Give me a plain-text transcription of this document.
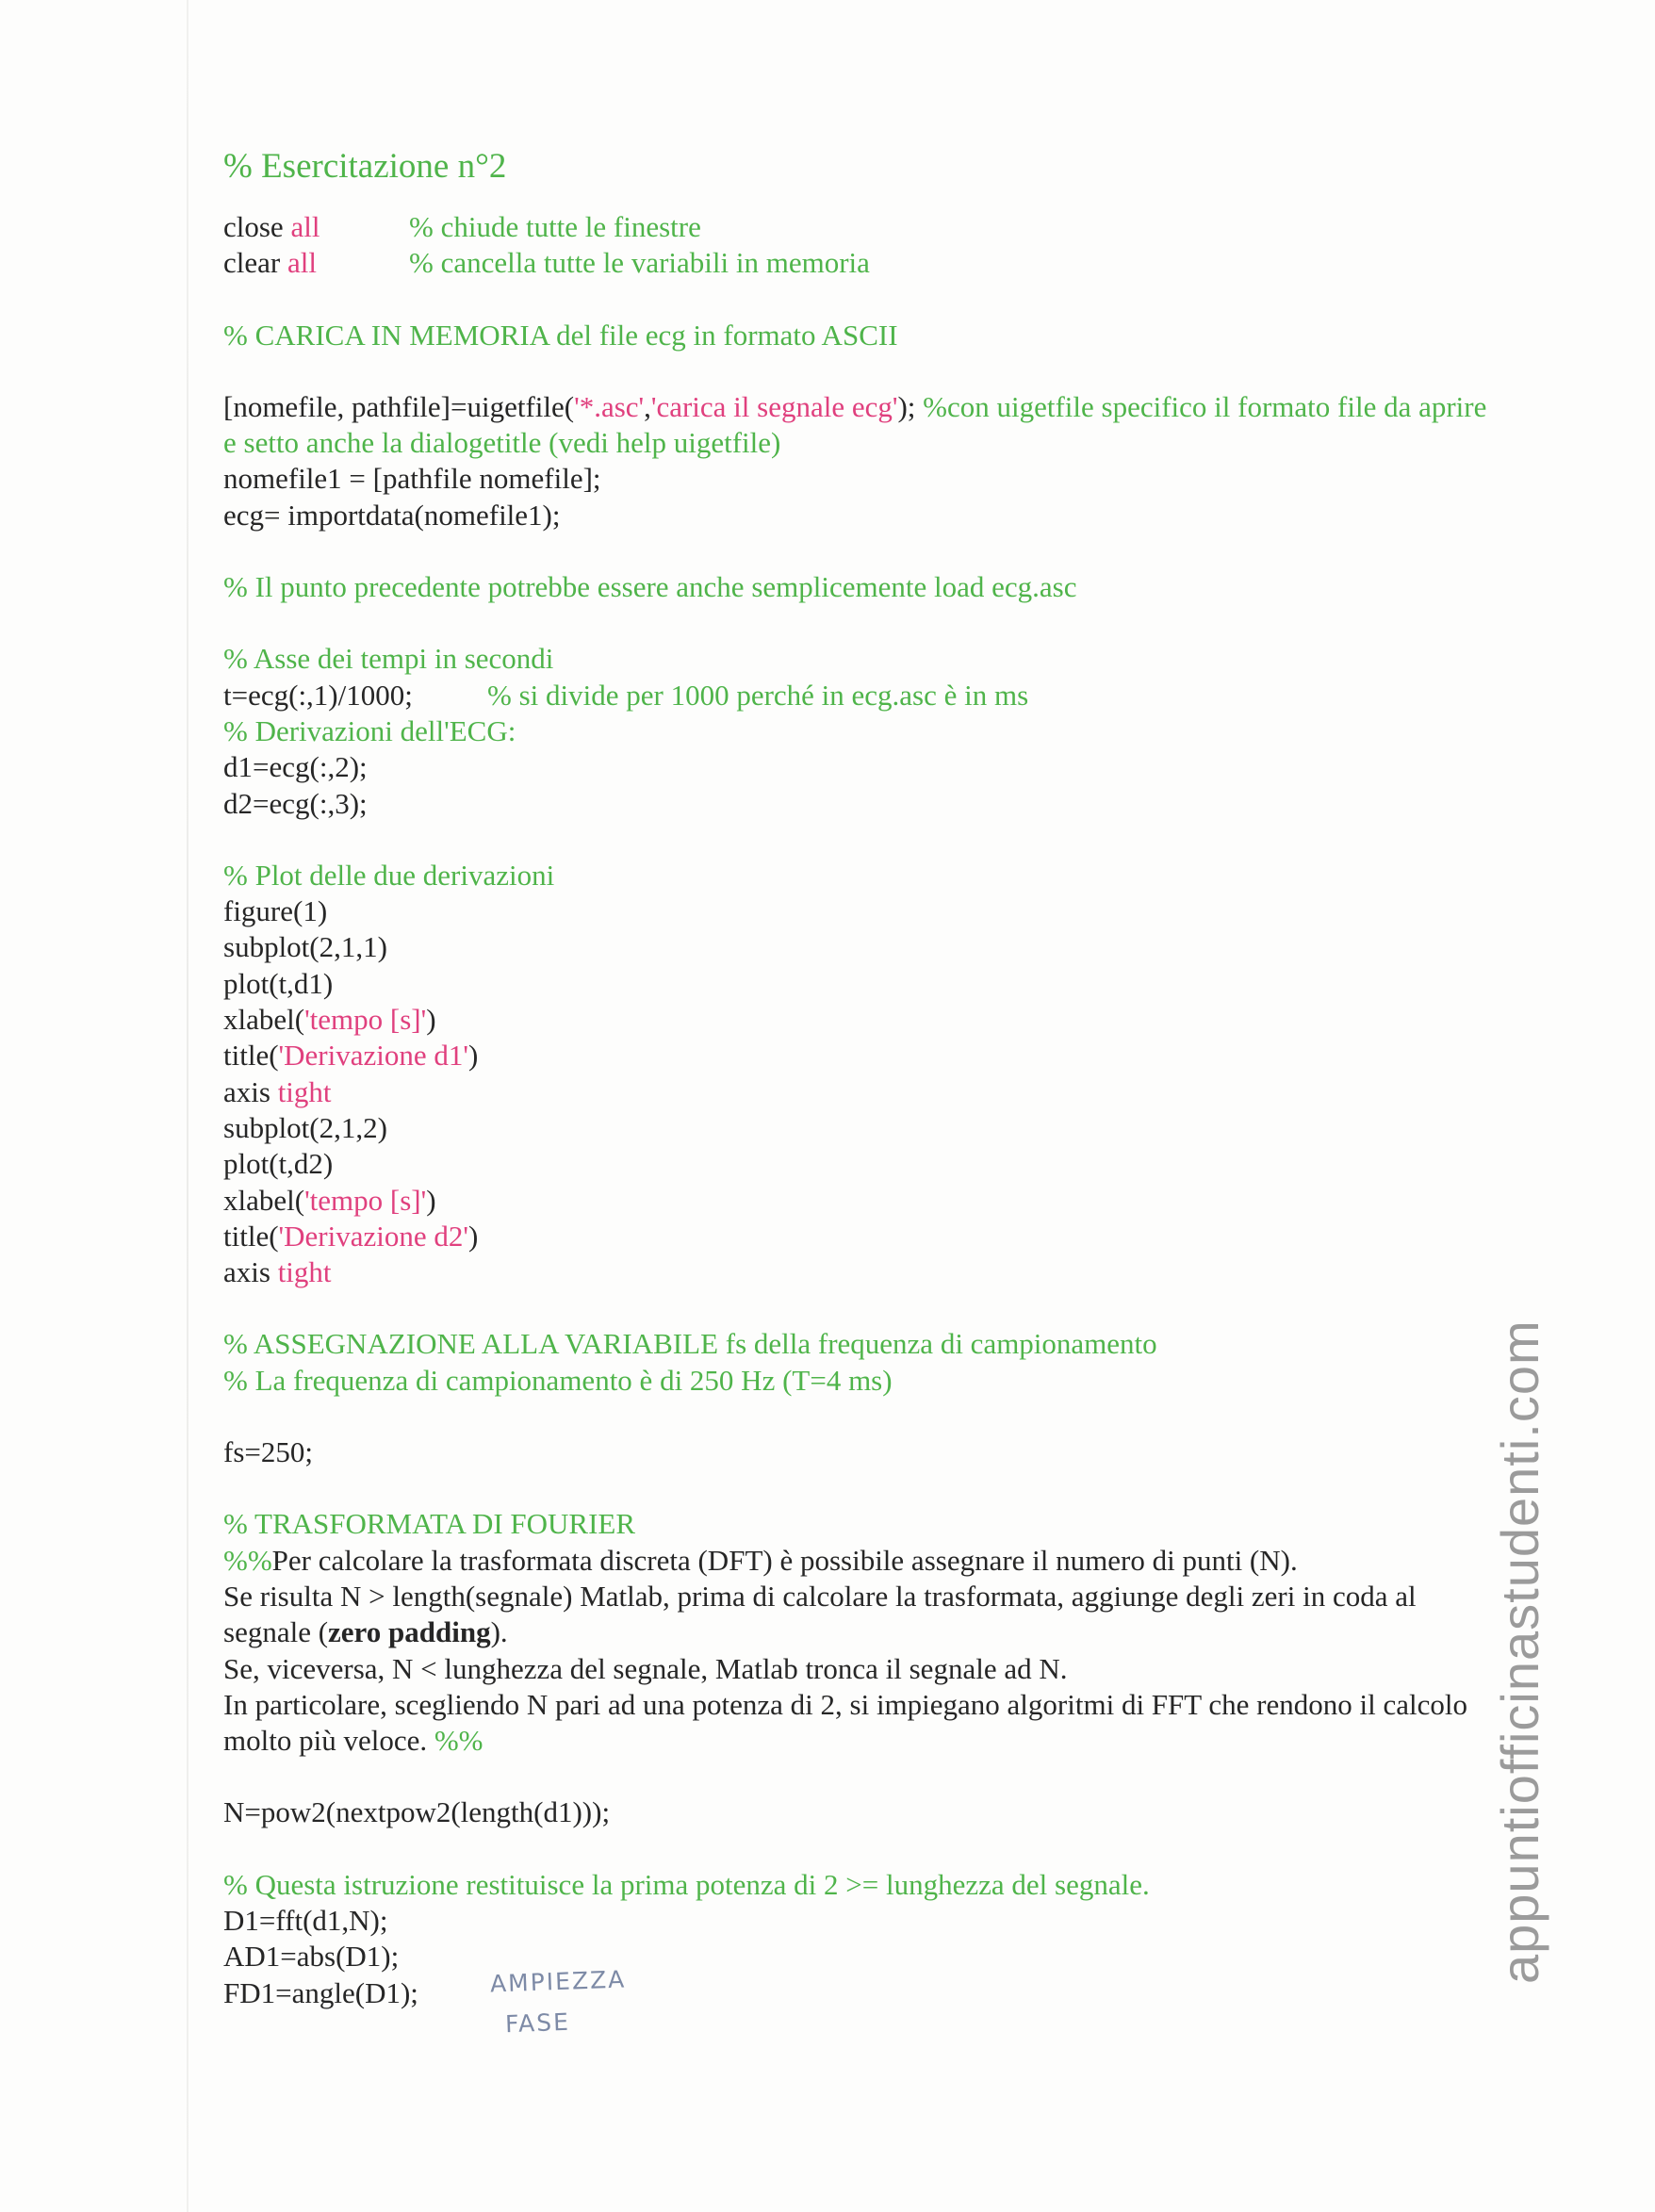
% Esercitazione n°2
close all	% chiude tutte le finestre
clear all	% cancella tutte le variabili in memoria
% CARICA IN MEMORIA del file ecg in formato ASCII
[nomefile, pathfile]=uigetfile('*.asc','carica il segnale ecg'); %con uigetfile specifico il formato file da aprire e setto anche la dialogetitle (vedi help uigetfile)
nomefile1 = [pathfile nomefile];
ecg= importdata(nomefile1);
% Il punto precedente potrebbe essere anche semplicemente load ecg.asc
% Asse dei tempi in secondi
t=ecg(:,1)/1000;	% si divide per 1000 perché in ecg.asc è in ms
% Derivazioni dell'ECG:
d1=ecg(:,2);
d2=ecg(:,3);
% Plot delle due derivazioni
figure(1)
subplot(2,1,1)
plot(t,d1)
xlabel('tempo [s]')
title('Derivazione d1')
axis tight
subplot(2,1,2)
plot(t,d2)
xlabel('tempo [s]')
title('Derivazione d2')
axis tight
% ASSEGNAZIONE ALLA VARIABILE fs della frequenza di campionamento
% La frequenza di campionamento è di 250 Hz (T=4 ms)
fs=250;
% TRASFORMATA DI FOURIER
%%Per calcolare la trasformata discreta (DFT) è possibile assegnare il numero di punti (N).
Se risulta N > length(segnale) Matlab, prima di calcolare la trasformata, aggiunge degli zeri in coda al segnale (zero padding).
Se, viceversa, N < lunghezza del segnale, Matlab tronca il segnale ad N.
In particolare, scegliendo N pari ad una potenza di 2, si impiegano algoritmi di FFT che rendono il calcolo molto più veloce. %%
N=pow2(nextpow2(length(d1)));
% Questa istruzione restituisce la prima potenza di 2 >= lunghezza del segnale.
D1=fft(d1,N);
AD1=abs(D1);
FD1=angle(D1);	AMPIEZZA
FASE
appuntiofficinastudenti.com
